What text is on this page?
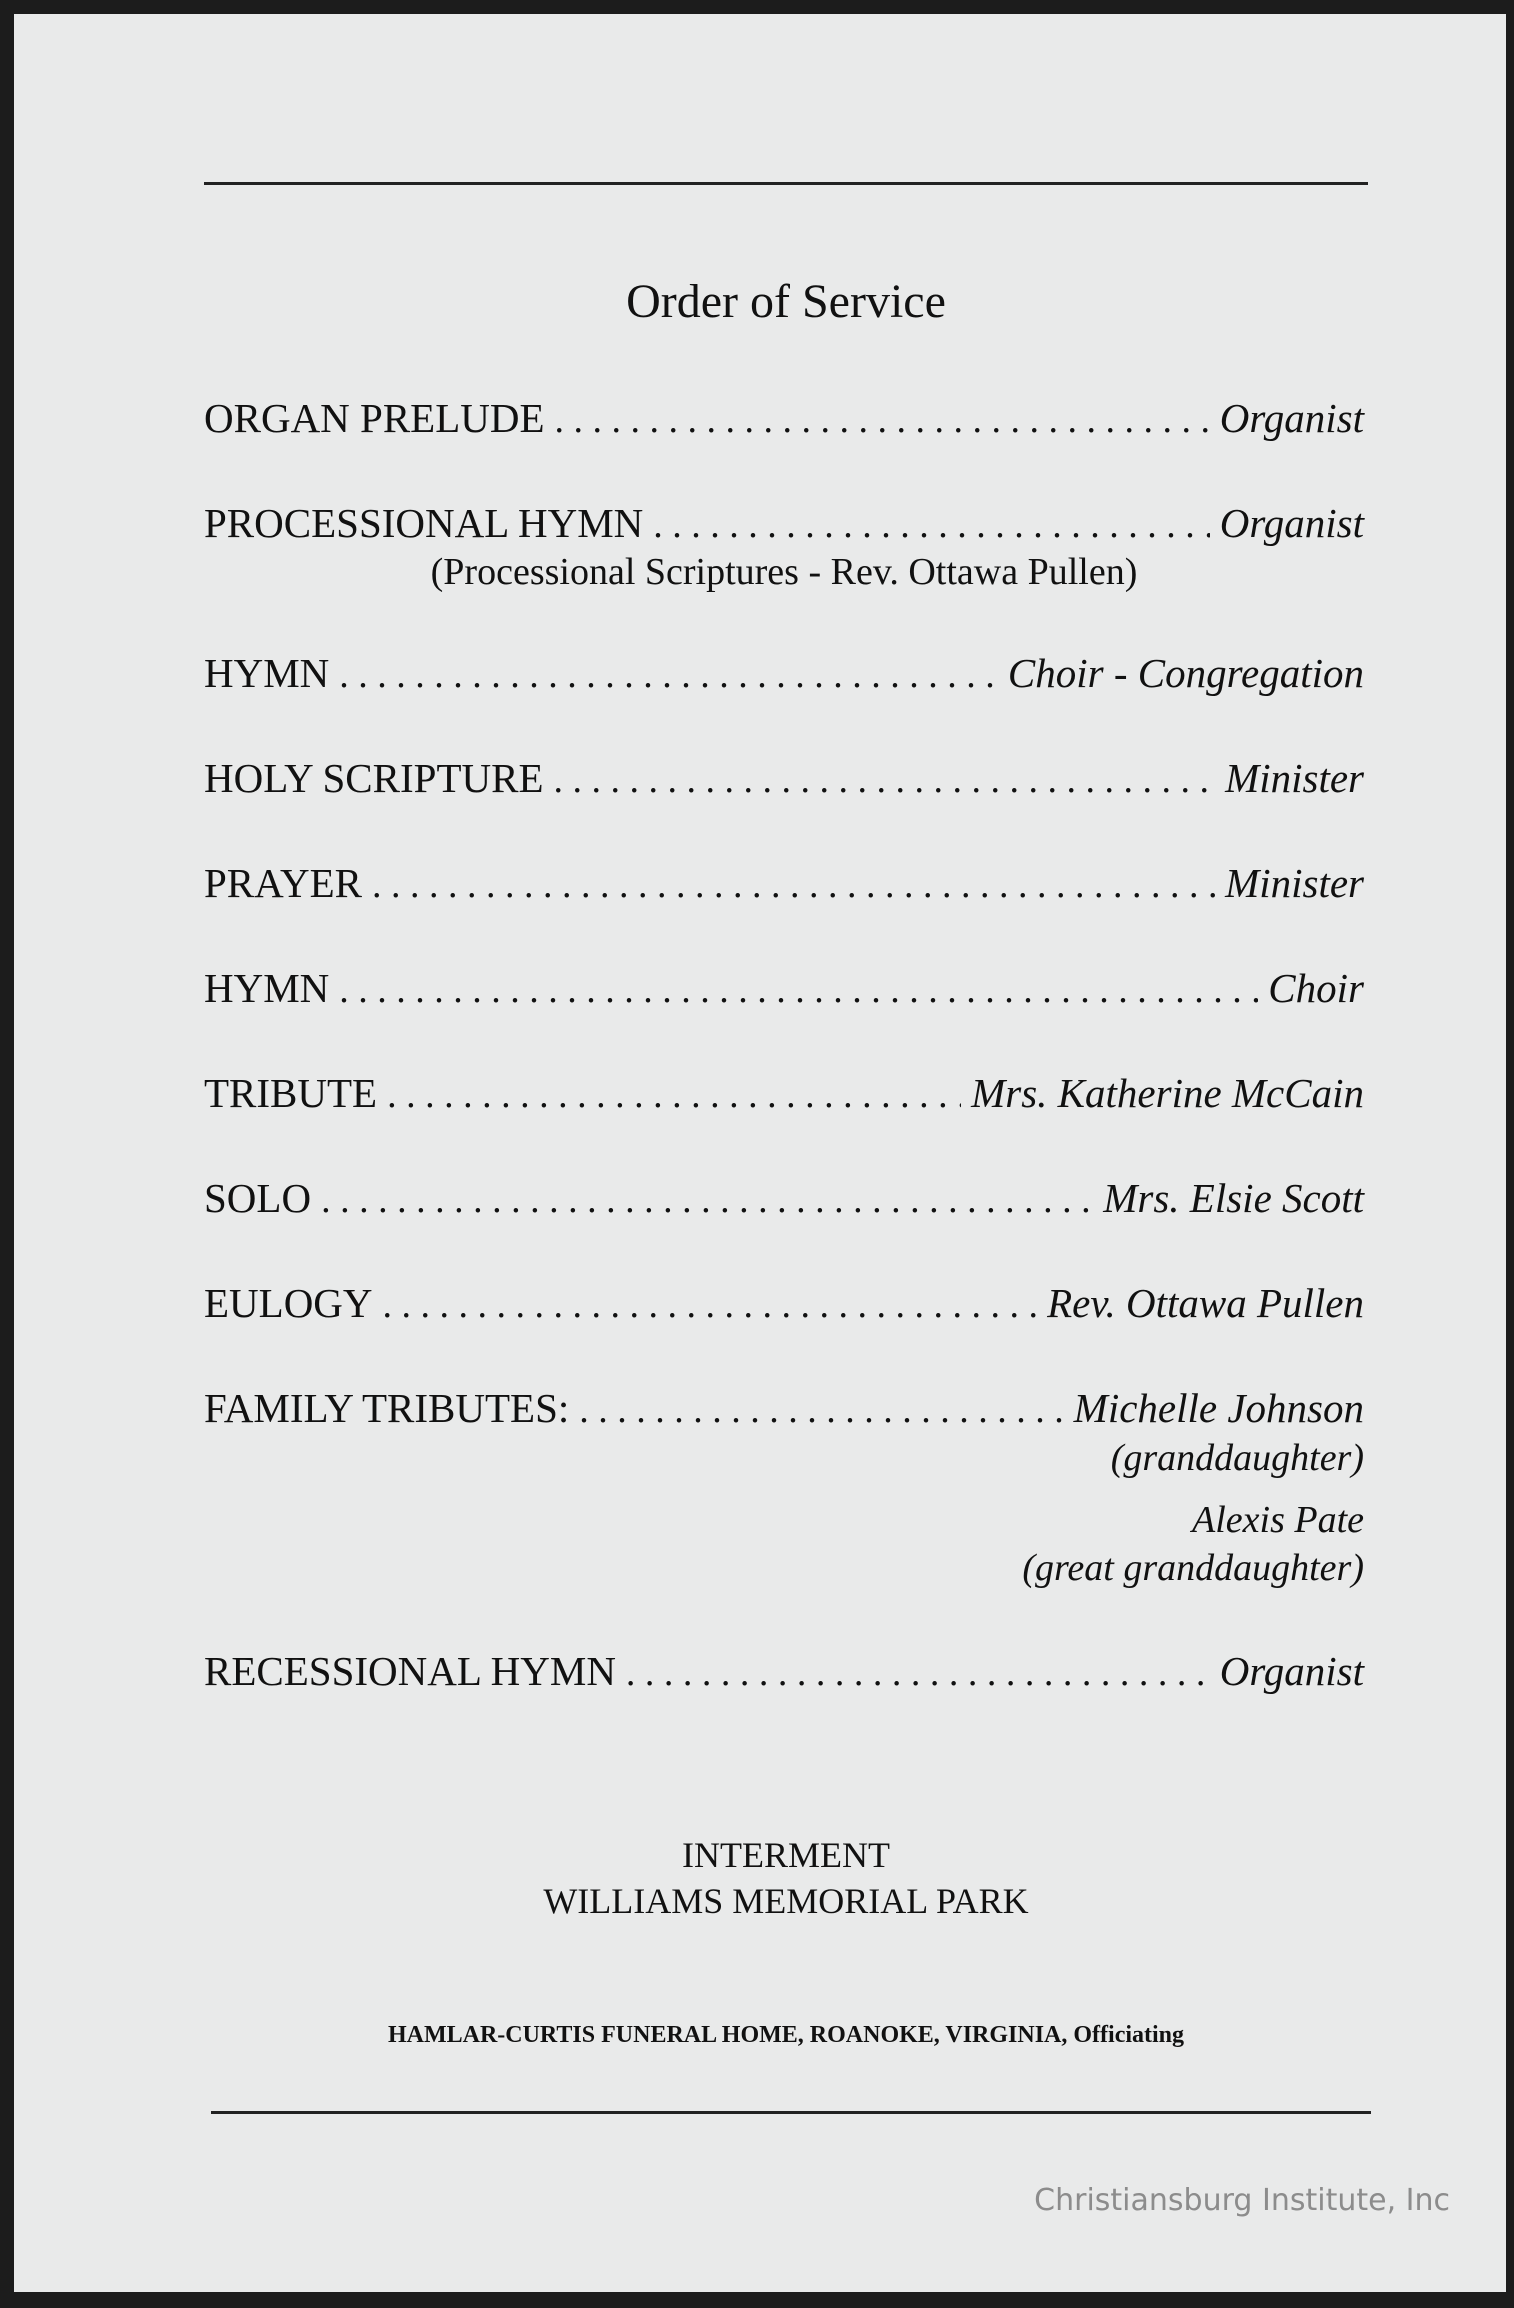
Order of Service
ORGAN PRELUDE . . .	Organist
PROCESSIONAL HYMN . . .	Organist
(Processional Scriptures - Rev. Ottawa Pullen)
HYMN . . .	Choir - Congregation
HOLY SCRIPTURE . . .	Minister
PRAYER . . .	Minister
HYMN . . .	Choir
TRIBUTE . . .	Mrs. Katherine McCain
SOLO . . .	Mrs. Elsie Scott
EULOGY . . .	Rev. Ottawa Pullen
FAMILY TRIBUTES: . . .	Michelle Johnson
(granddaughter)
Alexis Pate
(great granddaughter)
RECESSIONAL HYMN . . .	Organist
INTERMENT
WILLIAMS MEMORIAL PARK
HAMLAR-CURTIS FUNERAL HOME, ROANOKE, VIRGINIA, Officiating
Christiansburg Institute, Inc
